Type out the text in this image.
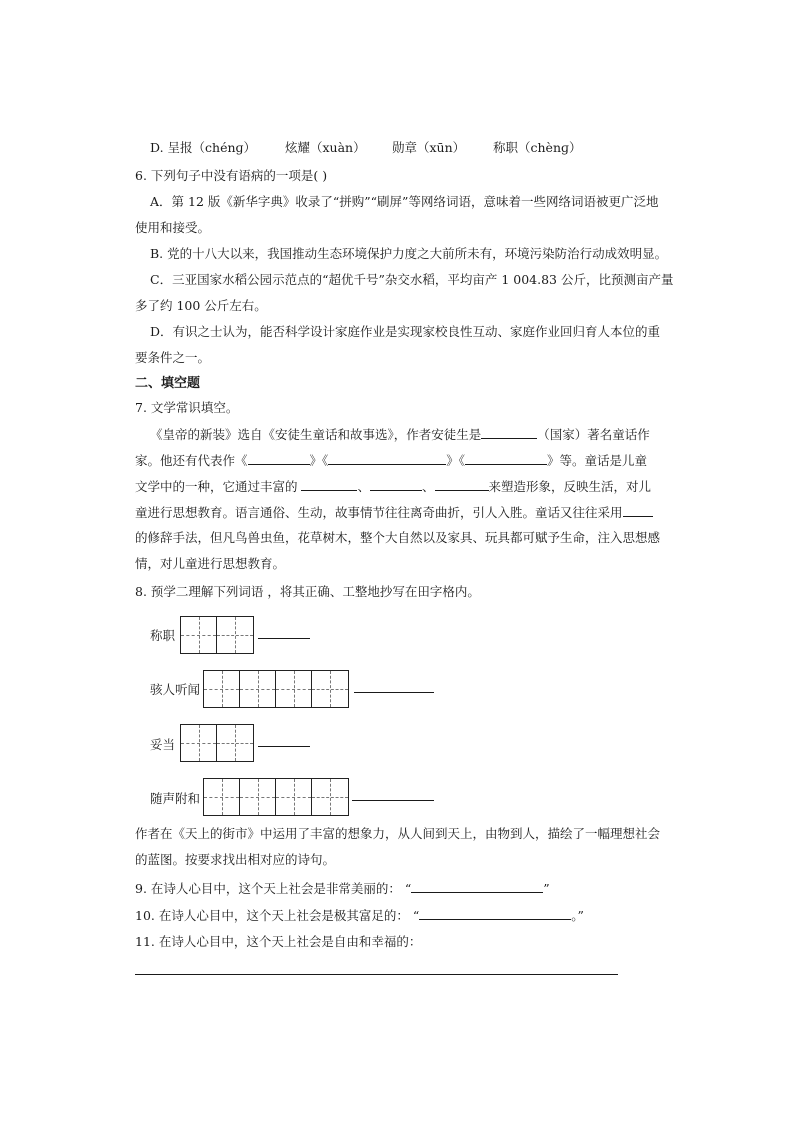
D. 呈报（chénɡ） 炫耀（xuàn） 勋章（xūn） 称职（chènɡ）
6. 下列句子中没有语病的一项是( )
A．第 12 版《新华字典》收录了“拼购”“刷屏”等网络词语，意味着一些网络词语被更广泛地
使用和接受。
B. 党的十八大以来，我国推动生态环境保护力度之大前所未有，环境污染防治行动成效明显。
C．三亚国家水稻公园示范点的“超优千号”杂交水稻，平均亩产 1 004.83 公斤，比预测亩产量
多了约 100 公斤左右。
D．有识之士认为，能否科学设计家庭作业是实现家校良性互动、家庭作业回归育人本位的重
要条件之一。
二、填空题
7. 文学常识填空。
《皇帝的新装》选自《安徒生童话和故事选》，作者安徒生是	（国家）著名童话作
家。他还有代表作《	》《	》《	》等。童话是儿童
文学中的一种，它通过丰富的	、	、	来塑造形象，反映生活，对儿
童进行思想教育。语言通俗、生动，故事情节往往离奇曲折，引人入胜。童话又往往采用
的修辞手法，但凡鸟兽虫鱼，花草树木，整个大自然以及家具、玩具都可赋予生命，注入思想感
情，对儿童进行思想教育。
8. 预学二理解下列词语 ，将其正确、工整地抄写在田字格内。
称职
骇人听闻
妥当
随声附和
作者在《天上的街市》中运用了丰富的想象力，从人间到天上，由物到人，描绘了一幅理想社会
的蓝图。按要求找出相对应的诗句。
9. 在诗人心目中，这个天上社会是非常美丽的： “	”
10. 在诗人心目中，这个天上社会是极其富足的： “	。”
11. 在诗人心目中，这个天上社会是自由和幸福的：
